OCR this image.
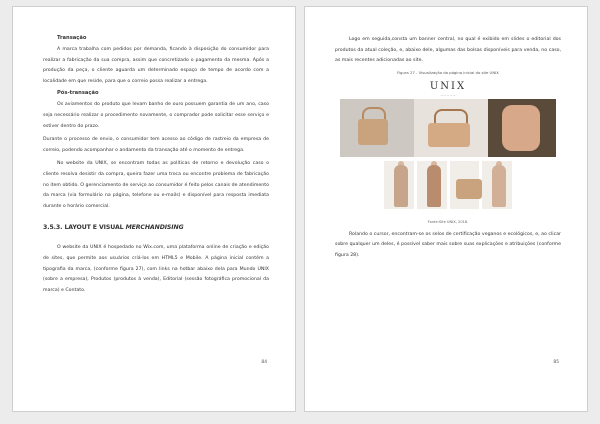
Transação

A marca trabalha com pedidos por demanda, ficando à disposição do consumidor para realizar a fabricação da sua compra, assim que concretizado o pagamento da mesma. Após a produção da peça, o cliente aguarda um determinado espaço de tempo de acordo com a localidade em que reside, para que o correio possa realizar a entrega.

Pós-transação

Os aviamentos do produto que levam banho de ouro possuem garantia de um ano, caso seja necessário realizar o procedimento novamente, o comprador pode solicitar esse serviço e estiver dentro do prazo.

Durante o processo de envio, o consumidor tem acesso ao código de rastreio da empresa de correio, podendo acompanhar o andamento da transação até o momento de entrega.

No website da UNIX, se encontram todas as políticas de retorno e devolução caso o cliente resolva desistir da compra, queira fazer uma troca ou encontre problema de fabricação no item obtido. O gerenciamento de serviço ao consumidor é feito pelos canais de atendimento da marca (via formulário na página, telefone ou e-mails) e disponível para resposta imediata durante o horário comercial.

3.5.3. LAYOUT E VISUAL MERCHANDISING

O website da UNIX é hospedado no Wix.com, uma plataforma online de criação e edição de sites, que permite aos usuários criá-los em HTML5 e Mobile. A página inicial contém a tipografia da marca, (conforme figura 27), com links na hotbar abaixo dela para Mundo UNIX (sobre a empresa), Produtos (produtos à venda), Editorial (sessão fotográfica promocional da marca) e Contato.

84

Logo em seguida,consta um banner central, no qual é exibido em slides o editorial dos produtos da atual coleção, e, abaixo dele, algumas das bolsas disponíveis para venda, no caso, as mais recentes adicionadas ao site.

Figura 27 - Visualização da página inicial do site UNIX
UNIX
— — — — —
Fonte:Site UNIX, 2018.

Rolando o cursor, encontram-se os selos de certificação veganos e ecológicos, e, ao clicar sobre qualquer um deles, é possível saber mais sobre suas explicações e atribuições (conforme figura 28).

85
